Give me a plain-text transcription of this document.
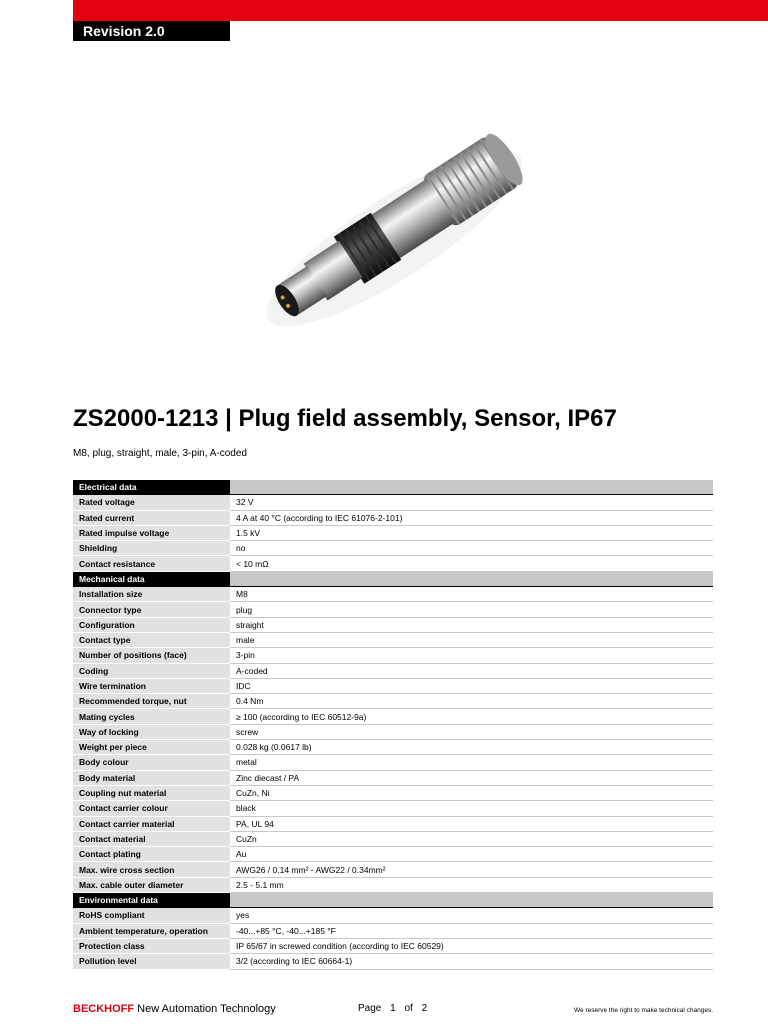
Revision 2.0
ZS2000-1213 | Plug field assembly, Sensor, IP67
M8, plug, straight, male, 3-pin, A-coded
Electrical data	
Rated voltage	32 V
Rated current	4 A at 40 °C (according to IEC 61076-2-101)
Rated impulse voltage	1.5 kV
Shielding	no
Contact resistance	< 10 mΩ
Mechanical data	
Installation size	M8
Connector type	plug
Configuration	straight
Contact type	male
Number of positions (face)	3-pin
Coding	A-coded
Wire termination	IDC
Recommended torque, nut	0.4 Nm
Mating cycles	≥ 100 (according to IEC 60512-9a)
Way of locking	screw
Weight per piece	0.028 kg (0.0617 lb)
Body colour	metal
Body material	Zinc diecast / PA
Coupling nut material	CuZn, Ni
Contact carrier colour	black
Contact carrier material	PA, UL 94
Contact material	CuZn
Contact plating	Au
Max. wire cross section	AWG26 / 0.14 mm² - AWG22 / 0.34mm²
Max. cable outer diameter	2.5 - 5.1 mm
Environmental data	
RoHS compliant	yes
Ambient temperature, operation	-40...+85 °C, -40...+185 °F
Protection class	IP 65/67 in screwed condition (according to IEC 60529)
Pollution level	3/2 (according to IEC 60664-1)
BECKHOFF New Automation Technology	Page 1 of 2	We reserve the right to make technical changes.
